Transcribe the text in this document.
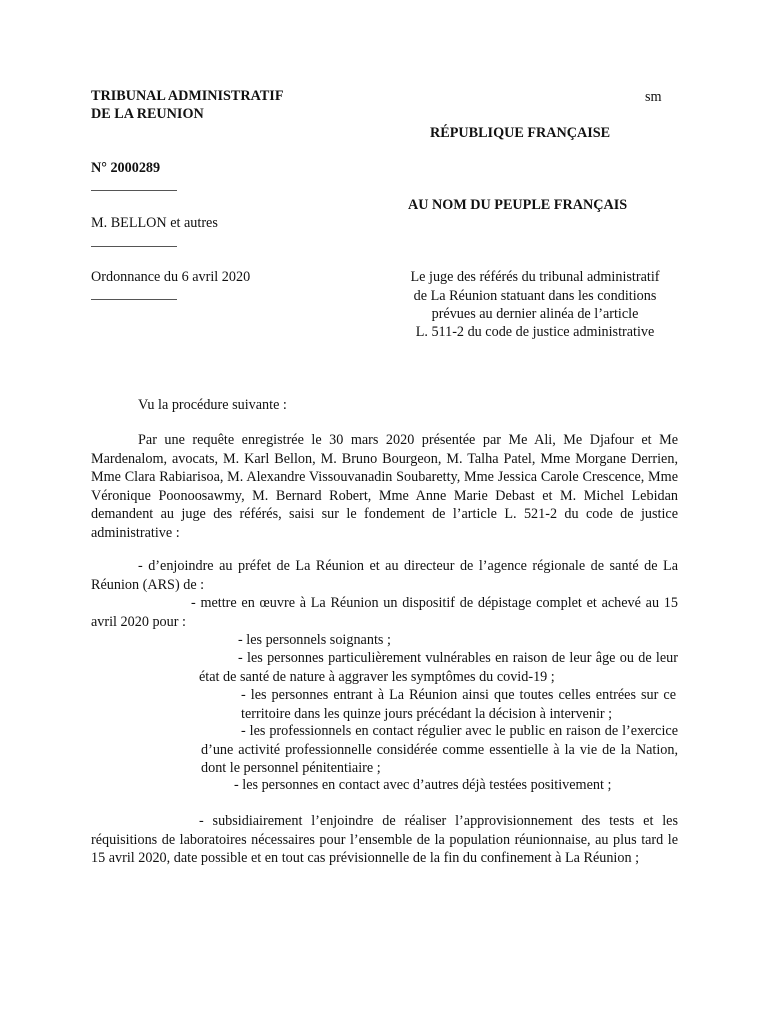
TRIBUNAL ADMINISTRATIF
DE LA REUNION
sm
RÉPUBLIQUE FRANÇAISE
N° 2000289
AU NOM DU PEUPLE FRANÇAIS
M. BELLON et autres
Ordonnance du 6 avril 2020	Le juge des référés du tribunal administratif
de La Réunion statuant dans les conditions
prévues au dernier alinéa de l’article
L. 511-2 du code de justice administrative
Vu la procédure suivante :
Par une requête enregistrée le 30 mars 2020 présentée par Me Ali, Me Djafour et Me Mardenalom, avocats, M. Karl Bellon, M. Bruno Bourgeon, M. Talha Patel, Mme Morgane Derrien, Mme Clara Rabiarisoa, M. Alexandre Vissouvanadin Soubaretty, Mme Jessica Carole Crescence, Mme Véronique Poonoosawmy, M. Bernard Robert, Mme Anne Marie Debast et M. Michel Lebidan demandent au juge des référés, saisi sur le fondement de l’article L. 521-2 du code de justice administrative :
- d’enjoindre au préfet de La Réunion et au directeur de l’agence régionale de santé de La Réunion (ARS) de :
- mettre en œuvre à La Réunion un dispositif de dépistage complet et achevé au 15 avril 2020 pour :
- les personnels soignants ;
- les personnes particulièrement vulnérables en raison de leur âge ou de leur état de santé de nature à aggraver les symptômes du covid-19 ;
- les personnes entrant à La Réunion ainsi que toutes celles entrées sur ce territoire dans les quinze jours précédant la décision à intervenir ;
- les professionnels en contact régulier avec le public en raison de l’exercice d’une activité professionnelle considérée comme essentielle à la vie de la Nation, dont le personnel pénitentiaire ;
- les personnes en contact avec d’autres déjà testées positivement ;
- subsidiairement l’enjoindre de réaliser l’approvisionnement des tests et les réquisitions de laboratoires nécessaires pour l’ensemble de la population réunionnaise, au plus tard le 15 avril 2020, date possible et en tout cas prévisionnelle de la fin du confinement à La Réunion ;
